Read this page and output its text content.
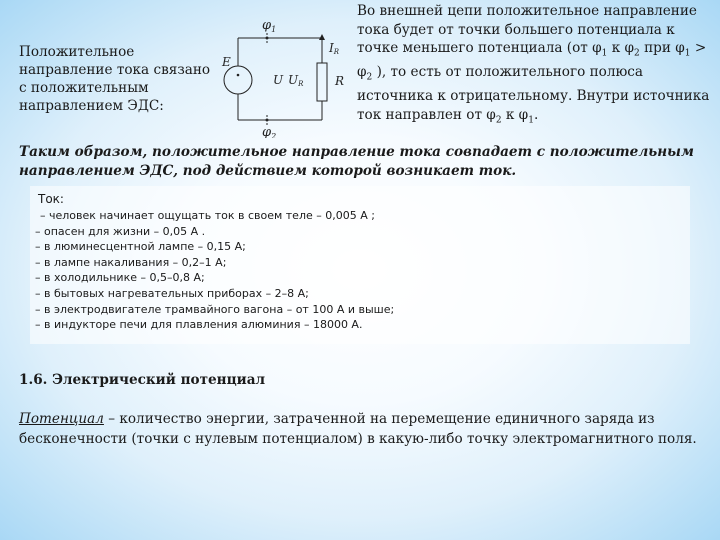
Положительное направление тока связано с положительным направлением ЭДС:
$\varphi_1$
$\varphi_2$
E
U UR
IR
R
Во внешней цепи положительное направление тока будет от точки большего потенциала к точке меньшего потенциала (от $\varphi_1$ к $\varphi_2$ при $\varphi_1 > \varphi_2$ ), то есть от положительного полюса источника к отрицательному. Внутри источника ток направлен от $\varphi_2$ к $\varphi_1$.
Таким образом, положительное направление тока совпадает с положительным направлением ЭДС, под действием которой возникает ток.
Ток:
– человек начинает ощущать ток в своем теле – 0,005 А ;
– опасен для жизни – 0,05 А .
– в люминесцентной лампе – 0,15 А;
– в лампе накаливания – 0,2–1 А;
– в холодильнике – 0,5–0,8 А;
– в бытовых нагревательных приборах – 2–8 А;
– в электродвигателе трамвайного вагона – от 100 А и выше;
– в индукторе печи для плавления алюминия – 18000 А.
1.6. Электрический потенциал
Потенциал – количество энергии, затраченной на перемещение единичного заряда из бесконечности (точки с нулевым потенциалом) в какую-либо точку электромагнитного поля.
